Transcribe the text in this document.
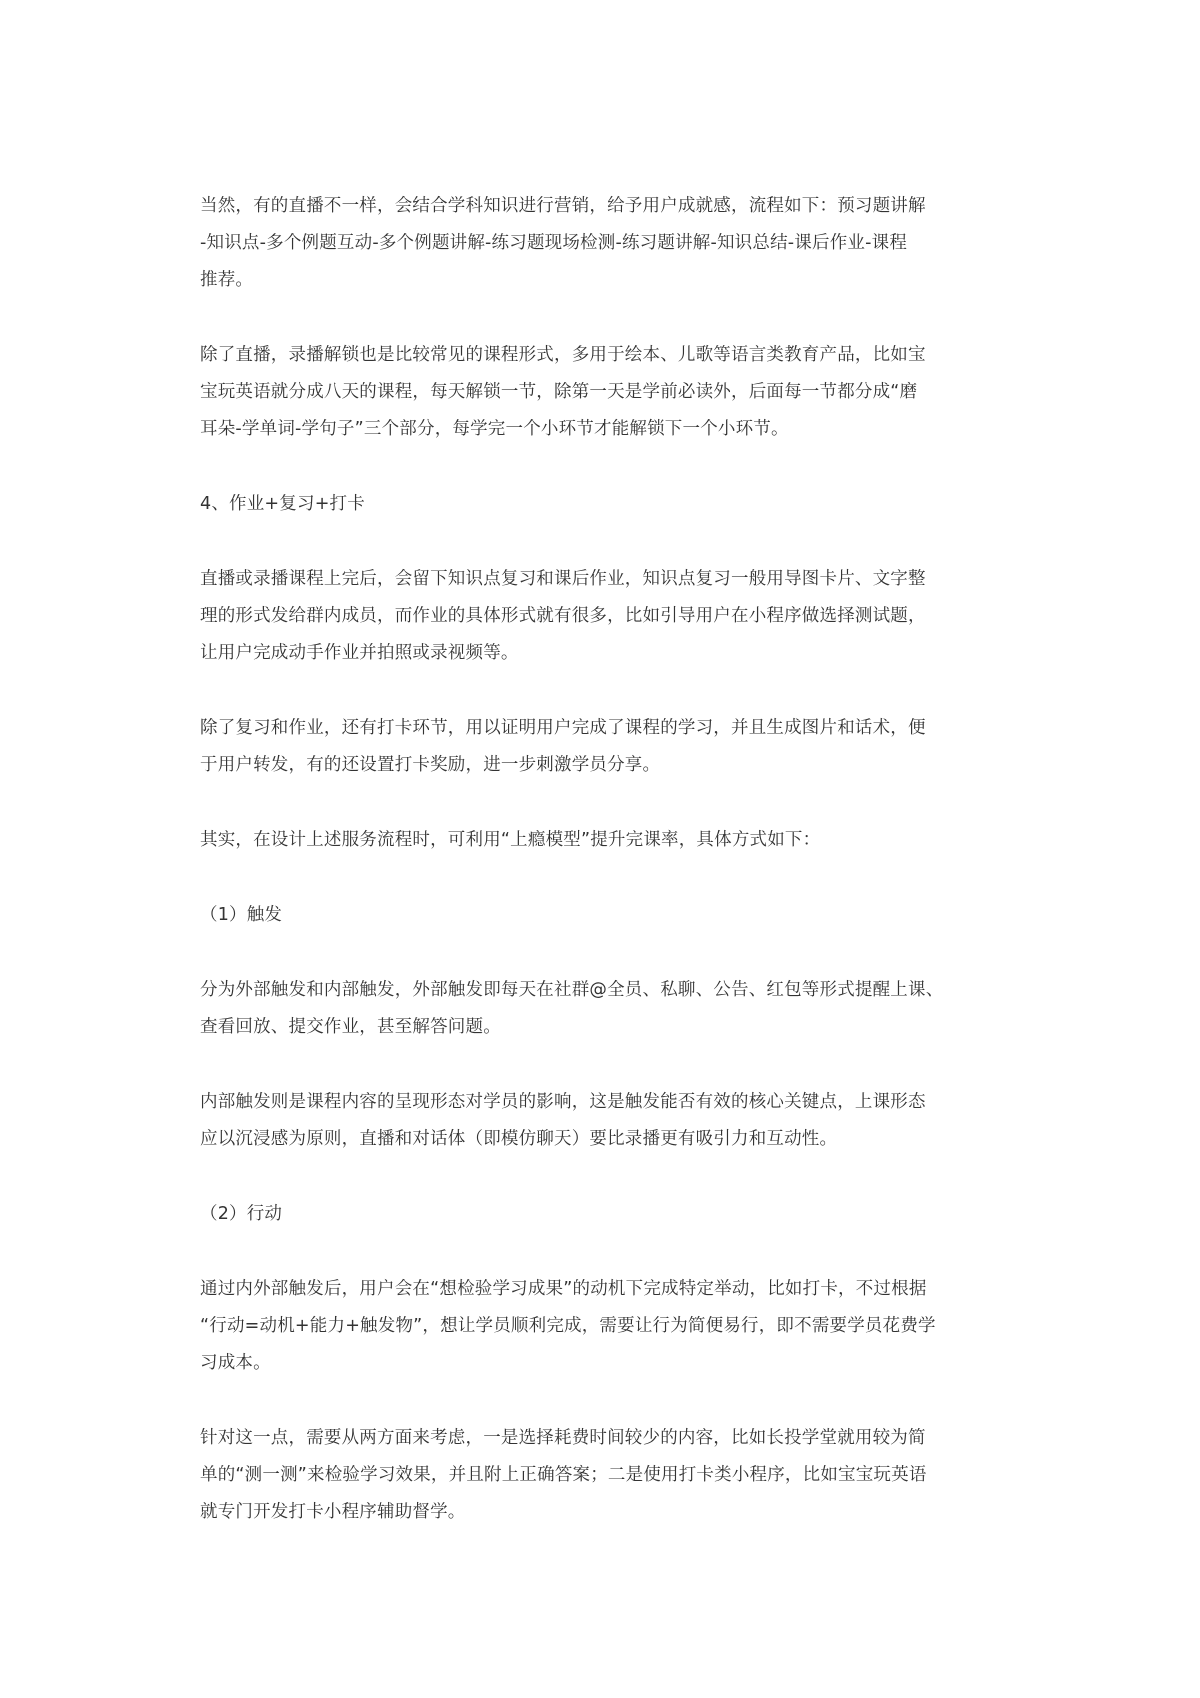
当然，有的直播不一样，会结合学科知识进行营销，给予用户成就感，流程如下：预习题讲解
-知识点-多个例题互动-多个例题讲解-练习题现场检测-练习题讲解-知识总结-课后作业-课程
推荐。
除了直播，录播解锁也是比较常见的课程形式，多用于绘本、儿歌等语言类教育产品，比如宝
宝玩英语就分成八天的课程，每天解锁一节，除第一天是学前必读外，后面每一节都分成“磨
耳朵-学单词-学句子”三个部分，每学完一个小环节才能解锁下一个小环节。
4、作业+复习+打卡
直播或录播课程上完后，会留下知识点复习和课后作业，知识点复习一般用导图卡片、文字整
理的形式发给群内成员，而作业的具体形式就有很多，比如引导用户在小程序做选择测试题，
让用户完成动手作业并拍照或录视频等。
除了复习和作业，还有打卡环节，用以证明用户完成了课程的学习，并且生成图片和话术，便
于用户转发，有的还设置打卡奖励，进一步刺激学员分享。
其实，在设计上述服务流程时，可利用“上瘾模型”提升完课率，具体方式如下：
（1）触发
分为外部触发和内部触发，外部触发即每天在社群@全员、私聊、公告、红包等形式提醒上课、
查看回放、提交作业，甚至解答问题。
内部触发则是课程内容的呈现形态对学员的影响，这是触发能否有效的核心关键点，上课形态
应以沉浸感为原则，直播和对话体（即模仿聊天）要比录播更有吸引力和互动性。
（2）行动
通过内外部触发后，用户会在“想检验学习成果”的动机下完成特定举动，比如打卡，不过根据
“行动=动机+能力+触发物”，想让学员顺利完成，需要让行为简便易行，即不需要学员花费学
习成本。
针对这一点，需要从两方面来考虑，一是选择耗费时间较少的内容，比如长投学堂就用较为简
单的“测一测”来检验学习效果，并且附上正确答案；二是使用打卡类小程序，比如宝宝玩英语
就专门开发打卡小程序辅助督学。
